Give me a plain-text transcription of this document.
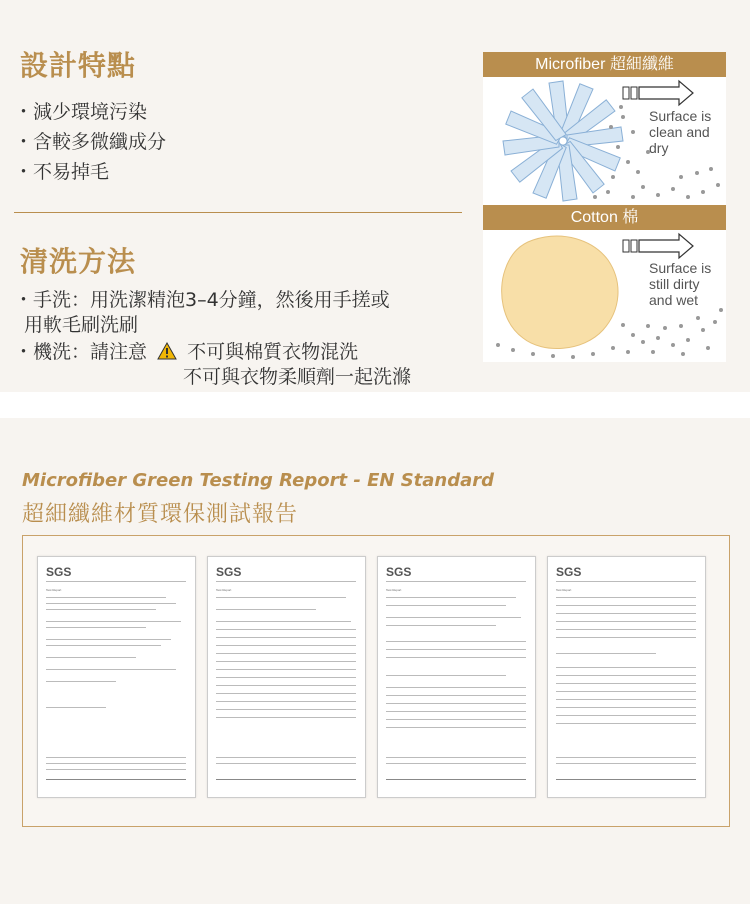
設計特點
・減少環境污染
・含較多微纖成分
・不易掉毛
清洗方法
・手洗：用洗潔精泡3–4分鐘，然後用手搓或
用軟毛刷洗刷
・機洗：請注意 不可與棉質衣物混洗
不可與衣物柔順劑一起洗滌
Microfiber 超細纖維
Surface is
clean and
dry
Cotton 棉
Surface is
still dirty
and wet
Microfiber Green Testing Report - EN Standard
超細纖維材質環保測試報告
SGS
Test Report
SGS
Test Report
SGS
Test Report
SGS
Test Report
